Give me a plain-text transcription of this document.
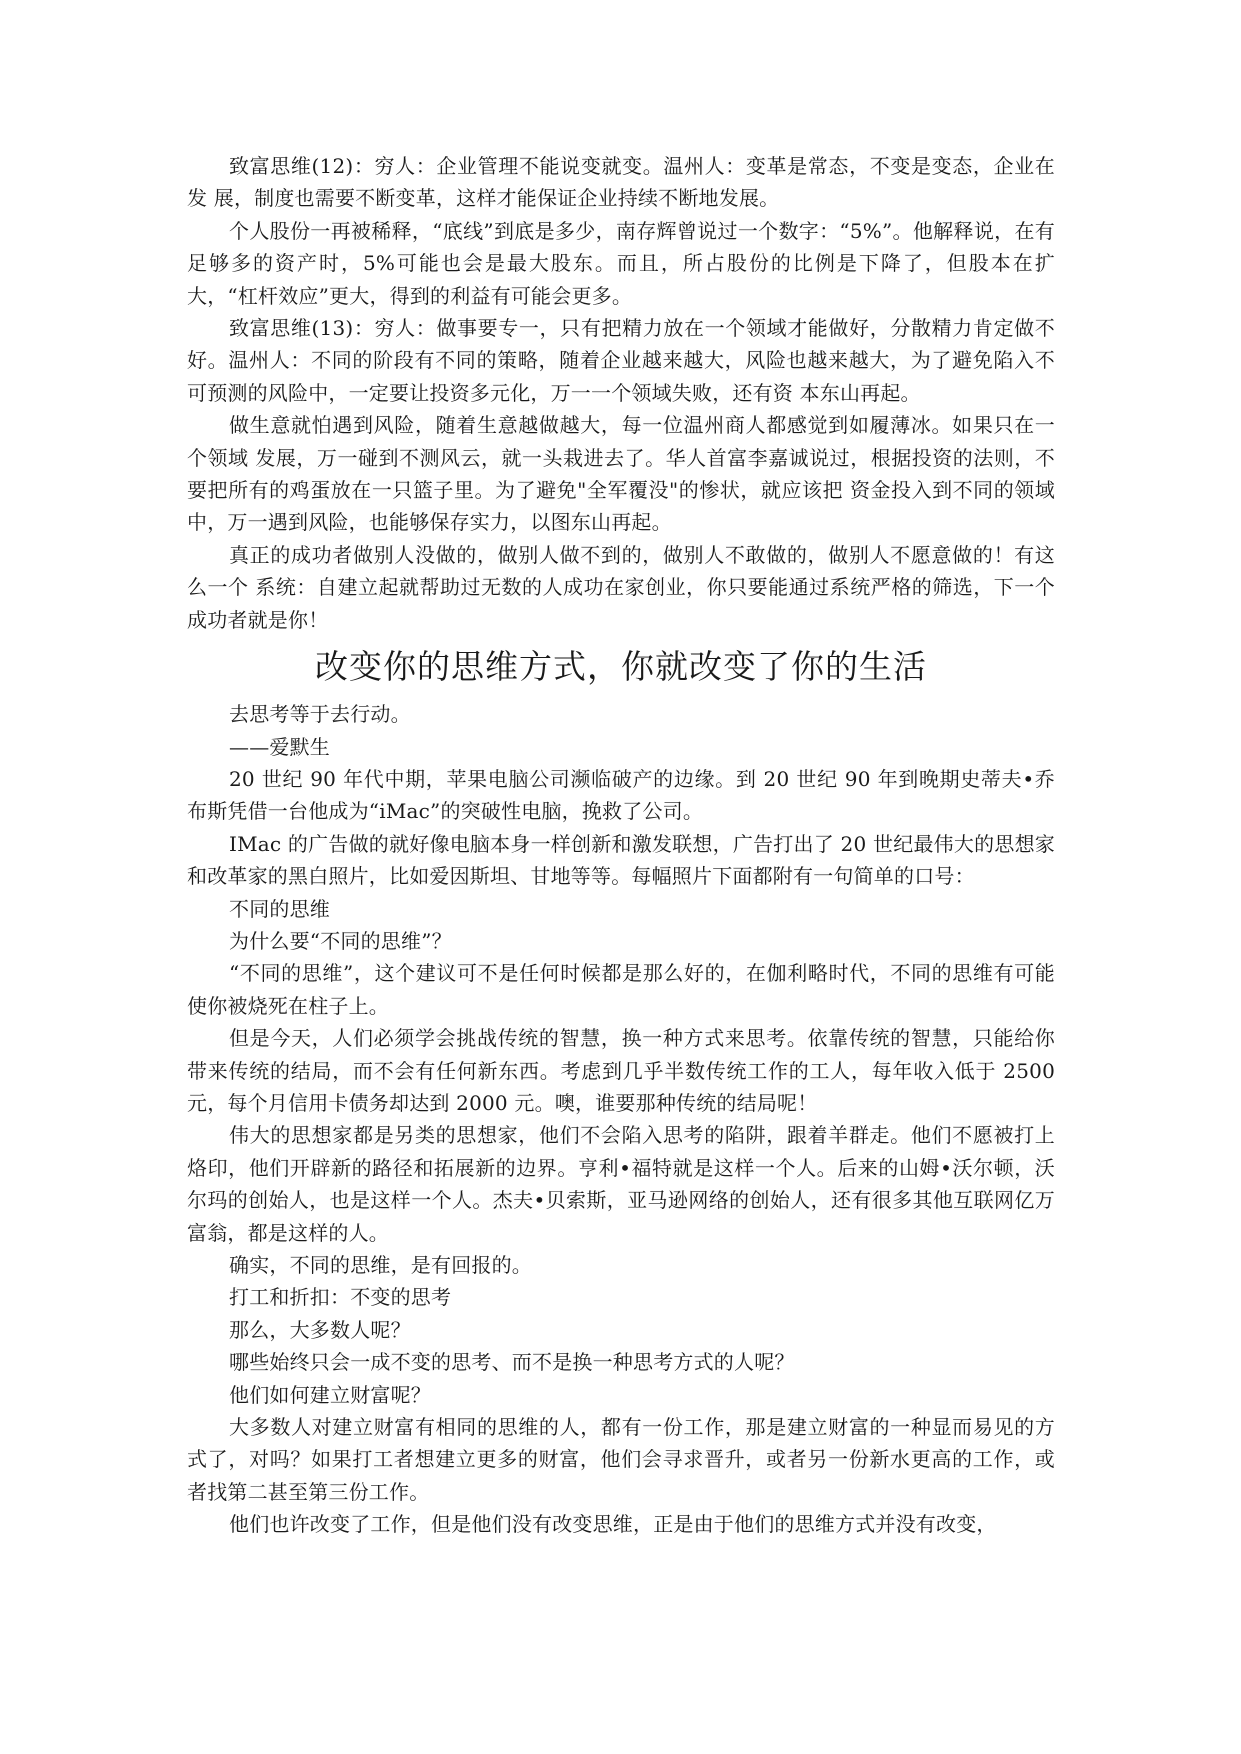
致富思维(12)：穷人：企业管理不能说变就变。温州人：变革是常态，不变是变态，企业在发 展，制度也需要不断变革，这样才能保证企业持续不断地发展。

个人股份一再被稀释，“底线”到底是多少，南存辉曾说过一个数字：“5%”。他解释说，在有 足够多的资产时，5%可能也会是最大股东。而且，所占股份的比例是下降了，但股本在扩大，“杠杆效应”更大，得到的利益有可能会更多。

致富思维(13)：穷人：做事要专一，只有把精力放在一个领域才能做好，分散精力肯定做不 好。温州人：不同的阶段有不同的策略，随着企业越来越大，风险也越来越大，为了避免陷入不可预测的风险中，一定要让投资多元化，万一一个领域失败，还有资 本东山再起。

做生意就怕遇到风险，随着生意越做越大，每一位温州商人都感觉到如履薄冰。如果只在一个领域 发展，万一碰到不测风云，就一头栽进去了。华人首富李嘉诚说过，根据投资的法则，不要把所有的鸡蛋放在一只篮子里。为了避免"全军覆没"的惨状，就应该把 资金投入到不同的领域中，万一遇到风险，也能够保存实力，以图东山再起。

真正的成功者做别人没做的，做别人做不到的，做别人不敢做的，做别人不愿意做的！有这么一个 系统：自建立起就帮助过无数的人成功在家创业，你只要能通过系统严格的筛选，下一个成功者就是你！

改变你的思维方式，你就改变了你的生活

去思考等于去行动。

——爱默生

20 世纪 90 年代中期，苹果电脑公司濒临破产的边缘。到 20 世纪 90 年到晚期史蒂夫•乔布斯凭借一台他成为“iMac”的突破性电脑，挽救了公司。

IMac 的广告做的就好像电脑本身一样创新和激发联想，广告打出了 20 世纪最伟大的思想家和改革家的黑白照片，比如爱因斯坦、甘地等等。每幅照片下面都附有一句简单的口号：

不同的思维

为什么要“不同的思维”？

“不同的思维”，这个建议可不是任何时候都是那么好的，在伽利略时代，不同的思维有可能使你被烧死在柱子上。

但是今天，人们必须学会挑战传统的智慧，换一种方式来思考。依靠传统的智慧，只能给你带来传统的结局，而不会有任何新东西。考虑到几乎半数传统工作的工人，每年收入低于 2500 元，每个月信用卡债务却达到 2000 元。噢，谁要那种传统的结局呢！

伟大的思想家都是另类的思想家，他们不会陷入思考的陷阱，跟着羊群走。他们不愿被打上烙印，他们开辟新的路径和拓展新的边界。亨利•福特就是这样一个人。后来的山姆•沃尔顿，沃尔玛的创始人，也是这样一个人。杰夫•贝索斯，亚马逊网络的创始人，还有很多其他互联网亿万富翁，都是这样的人。

确实，不同的思维，是有回报的。

打工和折扣：不变的思考

那么，大多数人呢？

哪些始终只会一成不变的思考、而不是换一种思考方式的人呢？

他们如何建立财富呢？

大多数人对建立财富有相同的思维的人，都有一份工作，那是建立财富的一种显而易见的方式了，对吗？如果打工者想建立更多的财富，他们会寻求晋升，或者另一份新水更高的工作，或者找第二甚至第三份工作。

他们也许改变了工作，但是他们没有改变思维，正是由于他们的思维方式并没有改变，
